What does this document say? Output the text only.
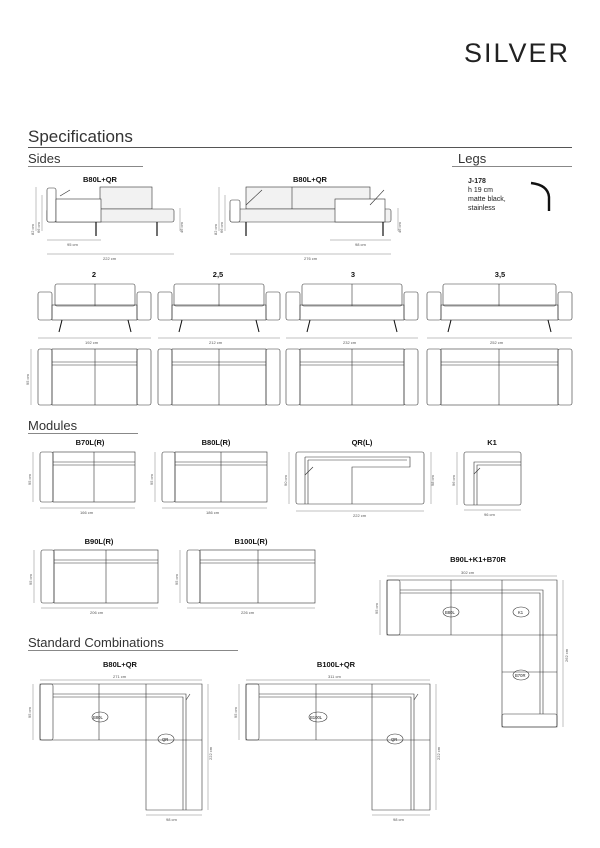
SILVER
Specifications
Sides	Legs
Modules
Standard Combinations
J-178
h 19 cm
matte black,
stainless
B80L+QR	B80L+QR
2	2,5	3	3,5
B70L(R)	B80L(R)	QR(L)	K1
B90L(R)	B100L(R)
B90L+K1+B70R
B80L+QR	B100L+QR
82 cm 66 cm	46 cm
95 cm
222 cm
82 cm 66 cm	46 cm
98 cm
276 cm
192 cm	212 cm	232 cm	252 cm
95 cm
95 cm
166 cm
95 cm
186 cm
90 cm	98 cm
222 cm
96 cm
96 cm
95 cm
206 cm
95 cm
226 cm
302 cm
95 cm
262 cm
B80L	K1
B70R
271 cm
95 cm
222 cm
98 cm
B80L
QR
311 cm
95 cm
222 cm
98 cm
B100L
QR
